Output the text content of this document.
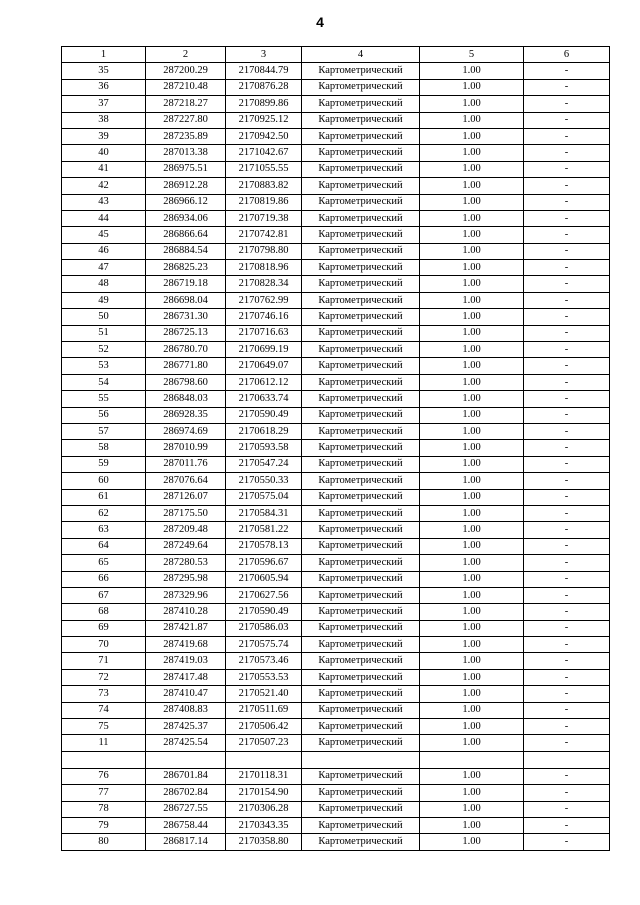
4
1	2	3	4	5	6
35	287200.29	2170844.79	Картометрический	1.00	-
36	287210.48	2170876.28	Картометрический	1.00	-
37	287218.27	2170899.86	Картометрический	1.00	-
38	287227.80	2170925.12	Картометрический	1.00	-
39	287235.89	2170942.50	Картометрический	1.00	-
40	287013.38	2171042.67	Картометрический	1.00	-
41	286975.51	2171055.55	Картометрический	1.00	-
42	286912.28	2170883.82	Картометрический	1.00	-
43	286966.12	2170819.86	Картометрический	1.00	-
44	286934.06	2170719.38	Картометрический	1.00	-
45	286866.64	2170742.81	Картометрический	1.00	-
46	286884.54	2170798.80	Картометрический	1.00	-
47	286825.23	2170818.96	Картометрический	1.00	-
48	286719.18	2170828.34	Картометрический	1.00	-
49	286698.04	2170762.99	Картометрический	1.00	-
50	286731.30	2170746.16	Картометрический	1.00	-
51	286725.13	2170716.63	Картометрический	1.00	-
52	286780.70	2170699.19	Картометрический	1.00	-
53	286771.80	2170649.07	Картометрический	1.00	-
54	286798.60	2170612.12	Картометрический	1.00	-
55	286848.03	2170633.74	Картометрический	1.00	-
56	286928.35	2170590.49	Картометрический	1.00	-
57	286974.69	2170618.29	Картометрический	1.00	-
58	287010.99	2170593.58	Картометрический	1.00	-
59	287011.76	2170547.24	Картометрический	1.00	-
60	287076.64	2170550.33	Картометрический	1.00	-
61	287126.07	2170575.04	Картометрический	1.00	-
62	287175.50	2170584.31	Картометрический	1.00	-
63	287209.48	2170581.22	Картометрический	1.00	-
64	287249.64	2170578.13	Картометрический	1.00	-
65	287280.53	2170596.67	Картометрический	1.00	-
66	287295.98	2170605.94	Картометрический	1.00	-
67	287329.96	2170627.56	Картометрический	1.00	-
68	287410.28	2170590.49	Картометрический	1.00	-
69	287421.87	2170586.03	Картометрический	1.00	-
70	287419.68	2170575.74	Картометрический	1.00	-
71	287419.03	2170573.46	Картометрический	1.00	-
72	287417.48	2170553.53	Картометрический	1.00	-
73	287410.47	2170521.40	Картометрический	1.00	-
74	287408.83	2170511.69	Картометрический	1.00	-
75	287425.37	2170506.42	Картометрический	1.00	-
11	287425.54	2170507.23	Картометрический	1.00	-

76	286701.84	2170118.31	Картометрический	1.00	-
77	286702.84	2170154.90	Картометрический	1.00	-
78	286727.55	2170306.28	Картометрический	1.00	-
79	286758.44	2170343.35	Картометрический	1.00	-
80	286817.14	2170358.80	Картометрический	1.00	-
